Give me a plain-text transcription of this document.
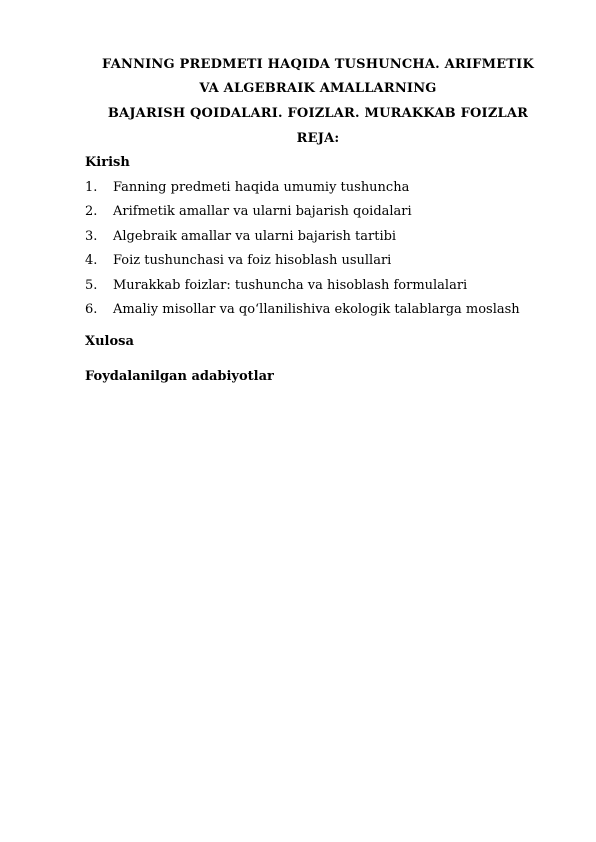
FANNING PREDMETI HAQIDA TUSHUNCHA. ARIFMETIK
VA ALGEBRAIK AMALLARNING
BAJARISH QOIDALARI. FOIZLAR. MURAKKAB FOIZLAR
REJA:
Kirish
1.	Fanning predmeti haqida umumiy tushuncha
2.	Arifmetik amallar va ularni bajarish qoidalari
3.	Algebraik amallar va ularni bajarish tartibi
4.	Foiz tushunchasi va foiz hisoblash usullari
5.	Murakkab foizlar: tushuncha va hisoblash formulalari
6.	Amaliy misollar va qo‘llanilishiva ekologik talablarga moslash
Xulosa
Foydalanilgan adabiyotlar
